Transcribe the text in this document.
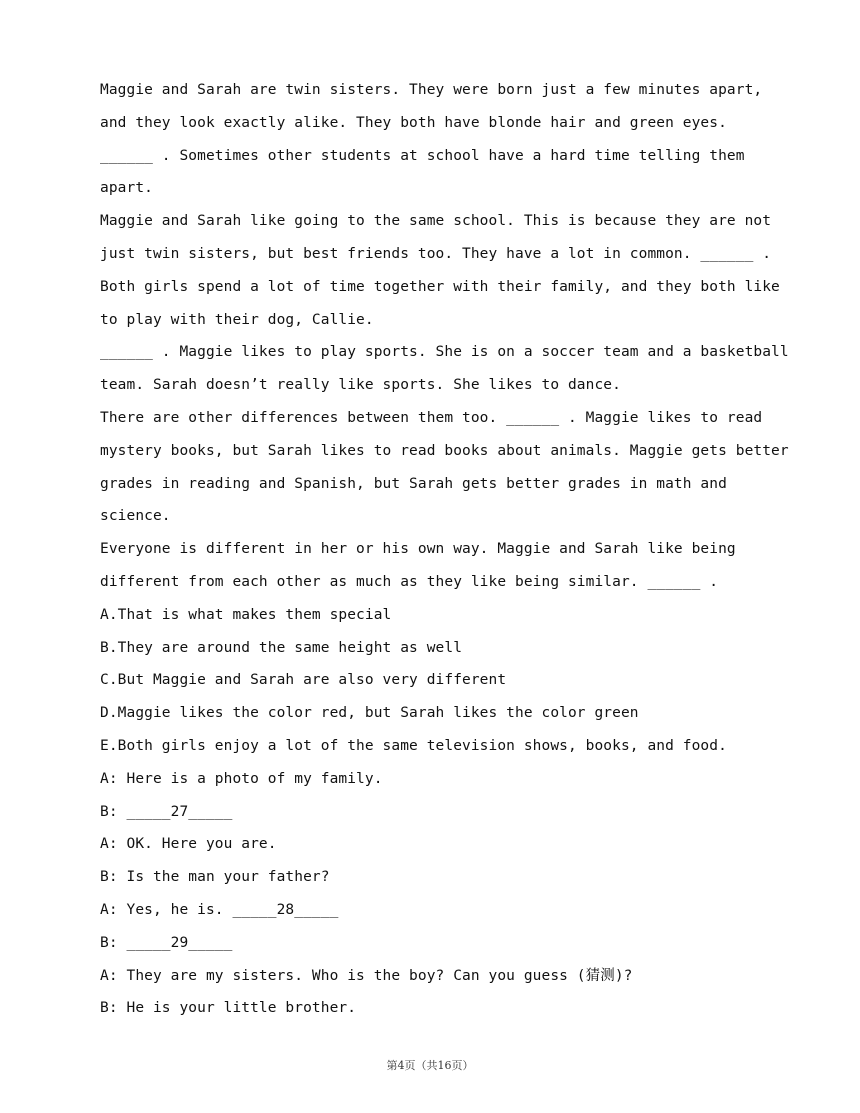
Maggie and Sarah are twin sisters. They were born just a few minutes apart,
and they look exactly alike. They both have blonde hair and green eyes.
______ . Sometimes other students at school have a hard time telling them
apart.
Maggie and Sarah like going to the same school. This is because they are not
just twin sisters, but best friends too. They have a lot in common. ______ .
Both girls spend a lot of time together with their family, and they both like
to play with their dog, Callie.
______ . Maggie likes to play sports. She is on a soccer team and a basketball
team. Sarah doesn’t really like sports. She likes to dance.
There are other differences between them too. ______ . Maggie likes to read
mystery books, but Sarah likes to read books about animals. Maggie gets better
grades in reading and Spanish, but Sarah gets better grades in math and
science.
Everyone is different in her or his own way. Maggie and Sarah like being
different from each other as much as they like being similar. ______ .
A.That is what makes them special
B.They are around the same height as well
C.But Maggie and Sarah are also very different
D.Maggie likes the color red, but Sarah likes the color green
E.Both girls enjoy a lot of the same television shows, books, and food.
A: Here is a photo of my family.
B: _____27_____
A: OK. Here you are.
B: Is the man your father?
A: Yes, he is. _____28_____
B: _____29_____
A: They are my sisters. Who is the boy? Can you guess (猜测)?
B: He is your little brother.
第4页（共16页）
